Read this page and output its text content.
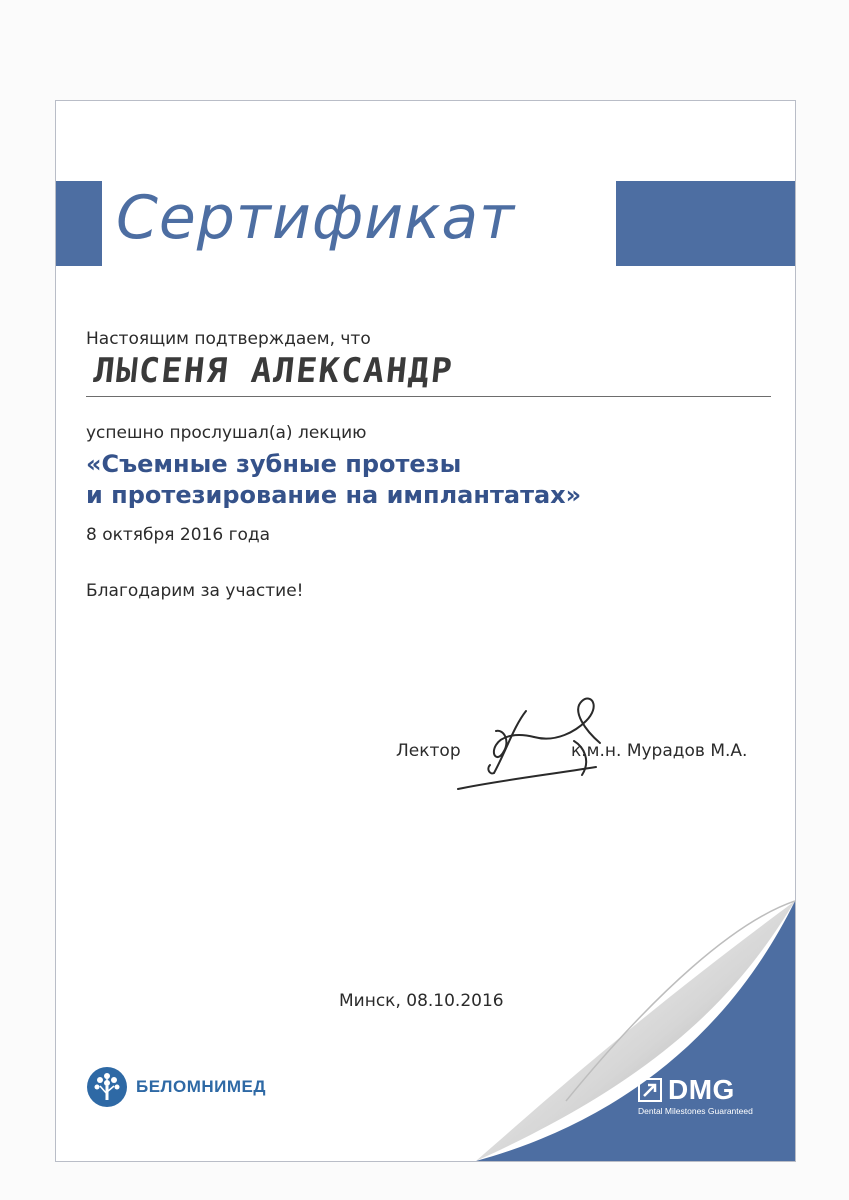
Сертификат
Настоящим подтверждаем, что
ЛЫСЕНЯ АЛЕКСАНДР
успешно прослушал(а) лекцию
«Съемные зубные протезы
и протезирование на имплантатах»
8 октября 2016 года
Благодарим за участие!
Лектор	к.м.н. Мурадов М.А.
Минск, 08.10.2016
БЕЛОМНИМЕД	DMG
Dental Milestones Guaranteed
